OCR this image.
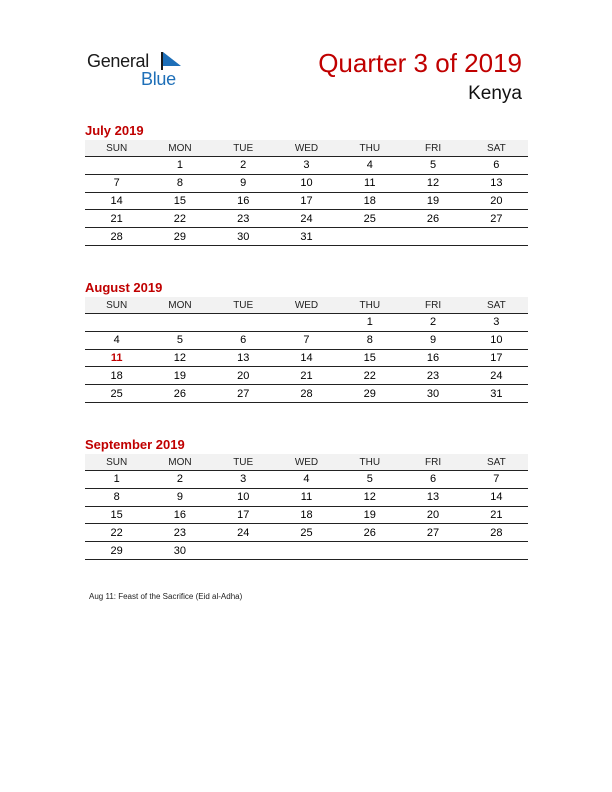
General
Blue
Quarter 3 of 2019
Kenya
July 2019
SUN	MON	TUE	WED	THU	FRI	SAT
	1	2	3	4	5	6
7	8	9	10	11	12	13
14	15	16	17	18	19	20
21	22	23	24	25	26	27
28	29	30	31			
August 2019
SUN	MON	TUE	WED	THU	FRI	SAT
				1	2	3
4	5	6	7	8	9	10
11	12	13	14	15	16	17
18	19	20	21	22	23	24
25	26	27	28	29	30	31
September 2019
SUN	MON	TUE	WED	THU	FRI	SAT
1	2	3	4	5	6	7
8	9	10	11	12	13	14
15	16	17	18	19	20	21
22	23	24	25	26	27	28
29	30					
Aug 11: Feast of the Sacrifice (Eid al-Adha)
